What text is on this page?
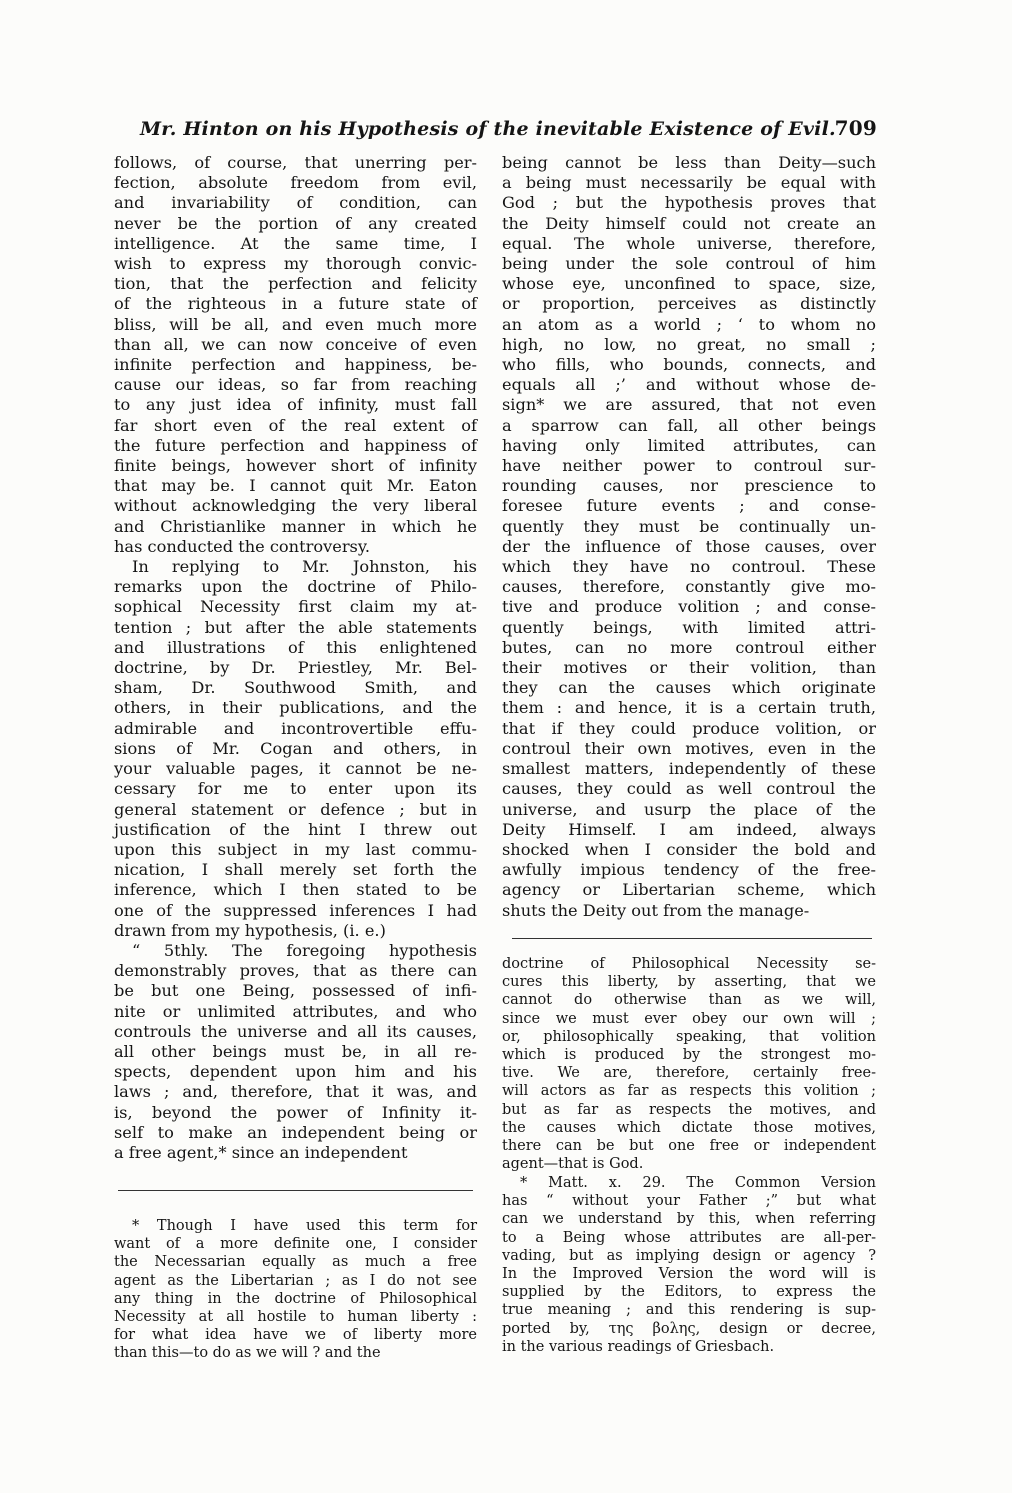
Mr. Hinton on his Hypothesis of the inevitable Existence of Evil.
709
follows, of course, that unerring per-
fection, absolute freedom from evil,
and invariability of condition, can
never be the portion of any created
intelligence. At the same time, I
wish to express my thorough convic-
tion, that the perfection and felicity
of the righteous in a future state of
bliss, will be all, and even much more
than all, we can now conceive of even
infinite perfection and happiness, be-
cause our ideas, so far from reaching
to any just idea of infinity, must fall
far short even of the real extent of
the future perfection and happiness of
finite beings, however short of infinity
that may be. I cannot quit Mr. Eaton
without acknowledging the very liberal
and Christianlike manner in which he
has conducted the controversy.
In replying to Mr. Johnston, his
remarks upon the doctrine of Philo-
sophical Necessity first claim my at-
tention ; but after the able statements
and illustrations of this enlightened
doctrine, by Dr. Priestley, Mr. Bel-
sham, Dr. Southwood Smith, and
others, in their publications, and the
admirable and incontrovertible effu-
sions of Mr. Cogan and others, in
your valuable pages, it cannot be ne-
cessary for me to enter upon its
general statement or defence ; but in
justification of the hint I threw out
upon this subject in my last commu-
nication, I shall merely set forth the
inference, which I then stated to be
one of the suppressed inferences I had
drawn from my hypothesis, (i. e.)
“ 5thly. The foregoing hypothesis
demonstrably proves, that as there can
be but one Being, possessed of infi-
nite or unlimited attributes, and who
controuls the universe and all its causes,
all other beings must be, in all re-
spects, dependent upon him and his
laws ; and, therefore, that it was, and
is, beyond the power of Infinity it-
self to make an independent being or
a free agent,* since an independent
being cannot be less than Deity—such
a being must necessarily be equal with
God ; but the hypothesis proves that
the Deity himself could not create an
equal. The whole universe, therefore,
being under the sole controul of him
whose eye, unconfined to space, size,
or proportion, perceives as distinctly
an atom as a world ; ‘ to whom no
high, no low, no great, no small ;
who fills, who bounds, connects, and
equals all ;’ and without whose de-
sign* we are assured, that not even
a sparrow can fall, all other beings
having only limited attributes, can
have neither power to controul sur-
rounding causes, nor prescience to
foresee future events ; and conse-
quently they must be continually un-
der the influence of those causes, over
which they have no controul. These
causes, therefore, constantly give mo-
tive and produce volition ; and conse-
quently beings, with limited attri-
butes, can no more controul either
their motives or their volition, than
they can the causes which originate
them : and hence, it is a certain truth,
that if they could produce volition, or
controul their own motives, even in the
smallest matters, independently of these
causes, they could as well controul the
universe, and usurp the place of the
Deity Himself. I am indeed, always
shocked when I consider the bold and
awfully impious tendency of the free-
agency or Libertarian scheme, which
shuts the Deity out from the manage-
doctrine of Philosophical Necessity se-
cures this liberty, by asserting, that we
cannot do otherwise than as we will,
since we must ever obey our own will ;
or, philosophically speaking, that volition
which is produced by the strongest mo-
tive. We are, therefore, certainly free-
will actors as far as respects this volition ;
but as far as respects the motives, and
the causes which dictate those motives,
there can be but one free or independent
agent—that is God.
* Matt. x. 29. The Common Version
has “ without your Father ;” but what
can we understand by this, when referring
to a Being whose attributes are all-per-
vading, but as implying design or agency ?
In the Improved Version the word will is
supplied by the Editors, to express the
true meaning ; and this rendering is sup-
ported by, της βολης, design or decree,
in the various readings of Griesbach.
* Though I have used this term for
want of a more definite one, I consider
the Necessarian equally as much a free
agent as the Libertarian ; as I do not see
any thing in the doctrine of Philosophical
Necessity at all hostile to human liberty :
for what idea have we of liberty more
than this—to do as we will ? and the
